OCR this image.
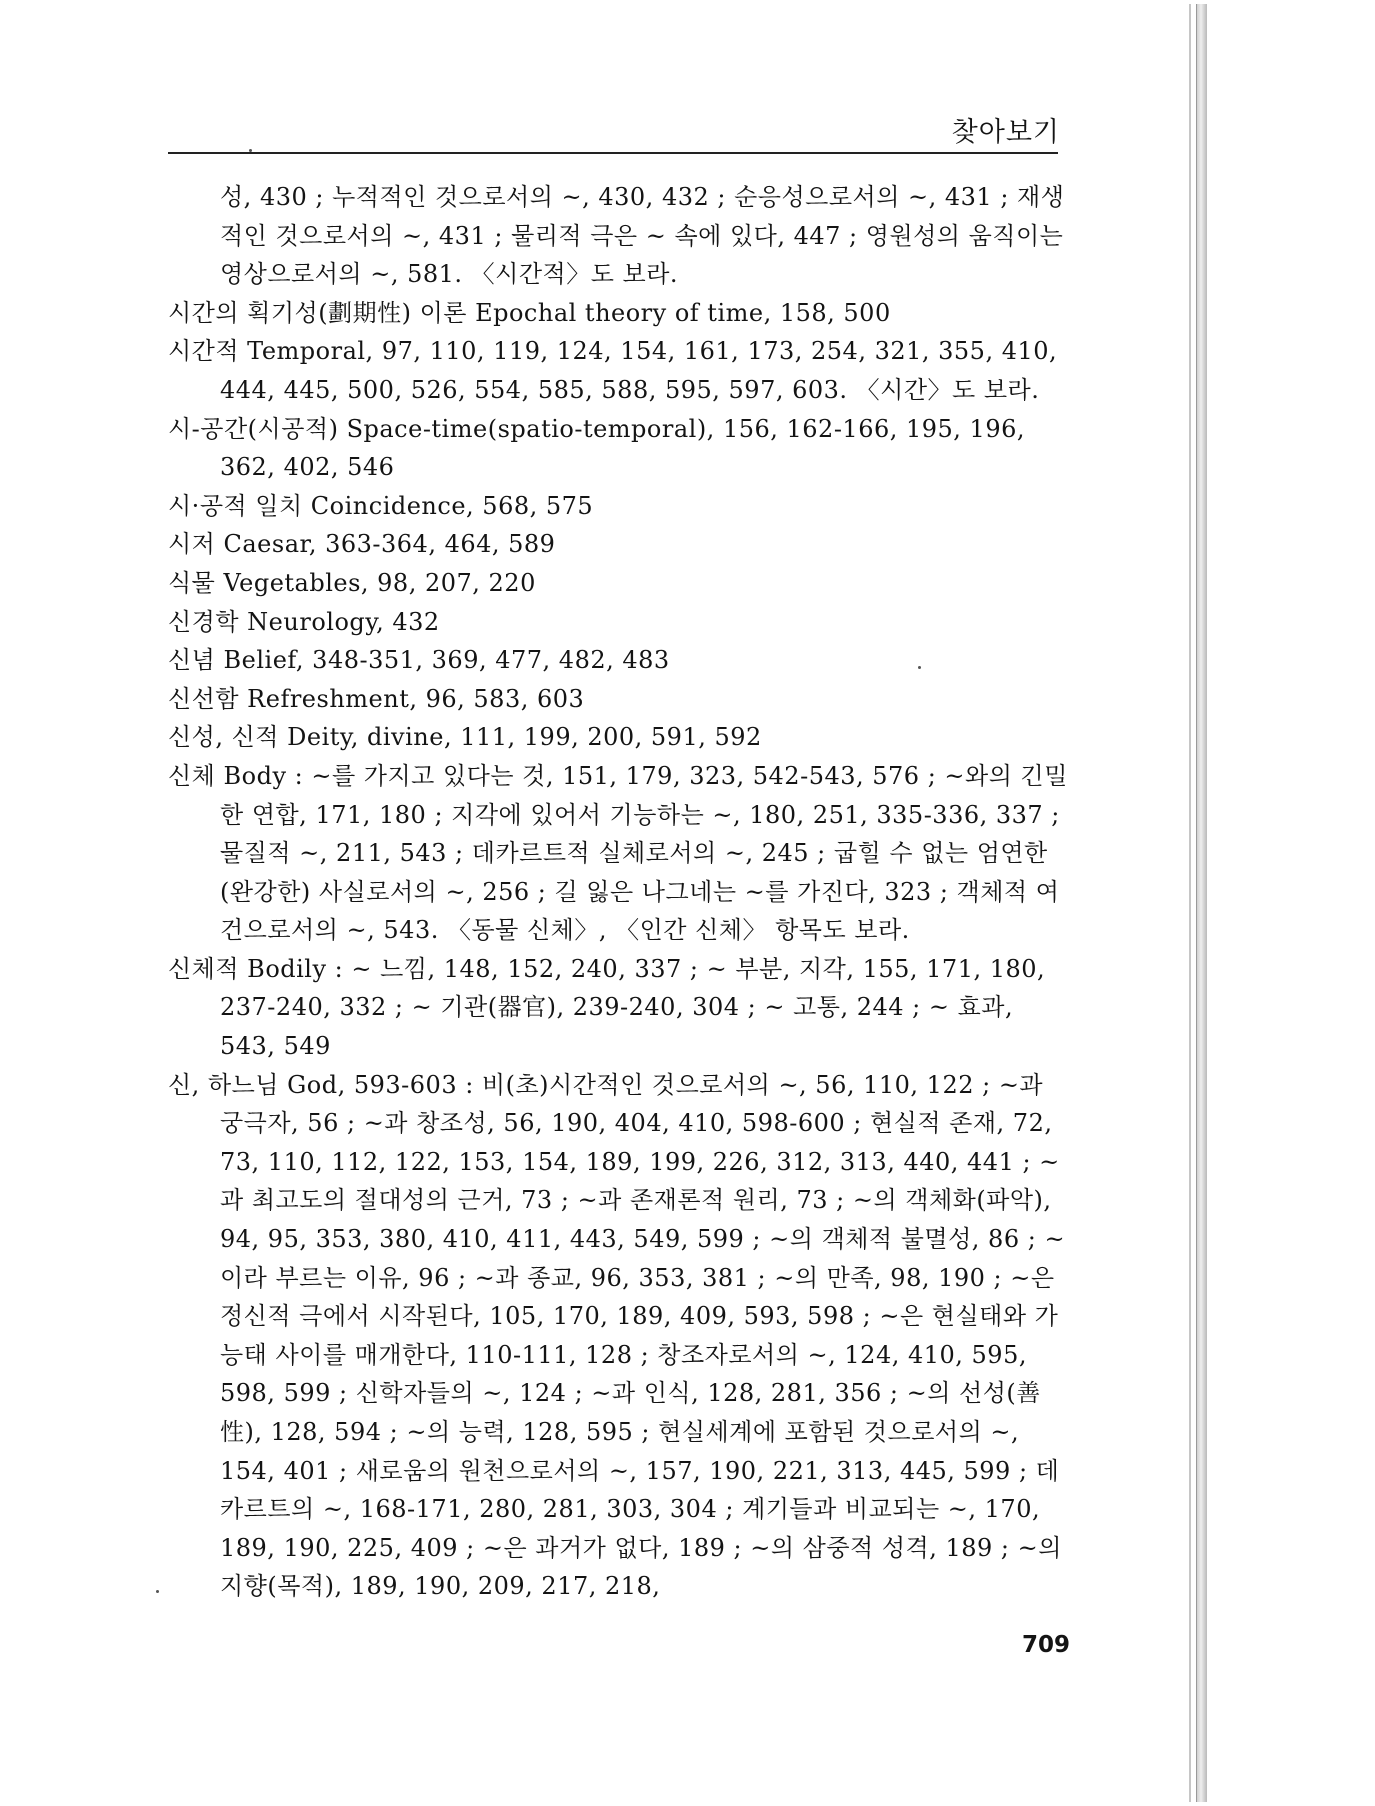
찾아보기

성, 430 ; 누적적인 것으로서의 ~, 430, 432 ; 순응성으로서의 ~, 431 ; 재생적인 것으로서의 ~, 431 ; 물리적 극은 ~ 속에 있다, 447 ; 영원성의 움직이는 영상으로서의 ~, 581. 〈시간적〉도 보라.

시간의 획기성(劃期性) 이론 Epochal theory of time, 158, 500

시간적 Temporal, 97, 110, 119, 124, 154, 161, 173, 254, 321, 355, 410, 444, 445, 500, 526, 554, 585, 588, 595, 597, 603. 〈시간〉도 보라.

시-공간(시공적) Space-time(spatio-temporal), 156, 162-166, 195, 196, 362, 402, 546

시·공적 일치 Coincidence, 568, 575

시저 Caesar, 363-364, 464, 589

식물 Vegetables, 98, 207, 220

신경학 Neurology, 432

신념 Belief, 348-351, 369, 477, 482, 483

신선함 Refreshment, 96, 583, 603

신성, 신적 Deity, divine, 111, 199, 200, 591, 592

신체 Body : ~를 가지고 있다는 것, 151, 179, 323, 542-543, 576 ; ~와의 긴밀한 연합, 171, 180 ; 지각에 있어서 기능하는 ~, 180, 251, 335-336, 337 ; 물질적 ~, 211, 543 ; 데카르트적 실체로서의 ~, 245 ; 굽힐 수 없는 엄연한(완강한) 사실로서의 ~, 256 ; 길 잃은 나그네는 ~를 가진다, 323 ; 객체적 여건으로서의 ~, 543. 〈동물 신체〉, 〈인간 신체〉 항목도 보라.

신체적 Bodily : ~ 느낌, 148, 152, 240, 337 ; ~ 부분, 지각, 155, 171, 180, 237-240, 332 ; ~ 기관(器官), 239-240, 304 ; ~ 고통, 244 ; ~ 효과, 543, 549

신, 하느님 God, 593-603 : 비(초)시간적인 것으로서의 ~, 56, 110, 122 ; ~과 궁극자, 56 ; ~과 창조성, 56, 190, 404, 410, 598-600 ; 현실적 존재, 72, 73, 110, 112, 122, 153, 154, 189, 199, 226, 312, 313, 440, 441 ; ~과 최고도의 절대성의 근거, 73 ; ~과 존재론적 원리, 73 ; ~의 객체화(파악), 94, 95, 353, 380, 410, 411, 443, 549, 599 ; ~의 객체적 불멸성, 86 ; ~이라 부르는 이유, 96 ; ~과 종교, 96, 353, 381 ; ~의 만족, 98, 190 ; ~은 정신적 극에서 시작된다, 105, 170, 189, 409, 593, 598 ; ~은 현실태와 가능태 사이를 매개한다, 110-111, 128 ; 창조자로서의 ~, 124, 410, 595, 598, 599 ; 신학자들의 ~, 124 ; ~과 인식, 128, 281, 356 ; ~의 선성(善性), 128, 594 ; ~의 능력, 128, 595 ; 현실세계에 포함된 것으로서의 ~, 154, 401 ; 새로움의 원천으로서의 ~, 157, 190, 221, 313, 445, 599 ; 데카르트의 ~, 168-171, 280, 281, 303, 304 ; 계기들과 비교되는 ~, 170, 189, 190, 225, 409 ; ~은 과거가 없다, 189 ; ~의 삼중적 성격, 189 ; ~의 지향(목적), 189, 190, 209, 217, 218,

709
